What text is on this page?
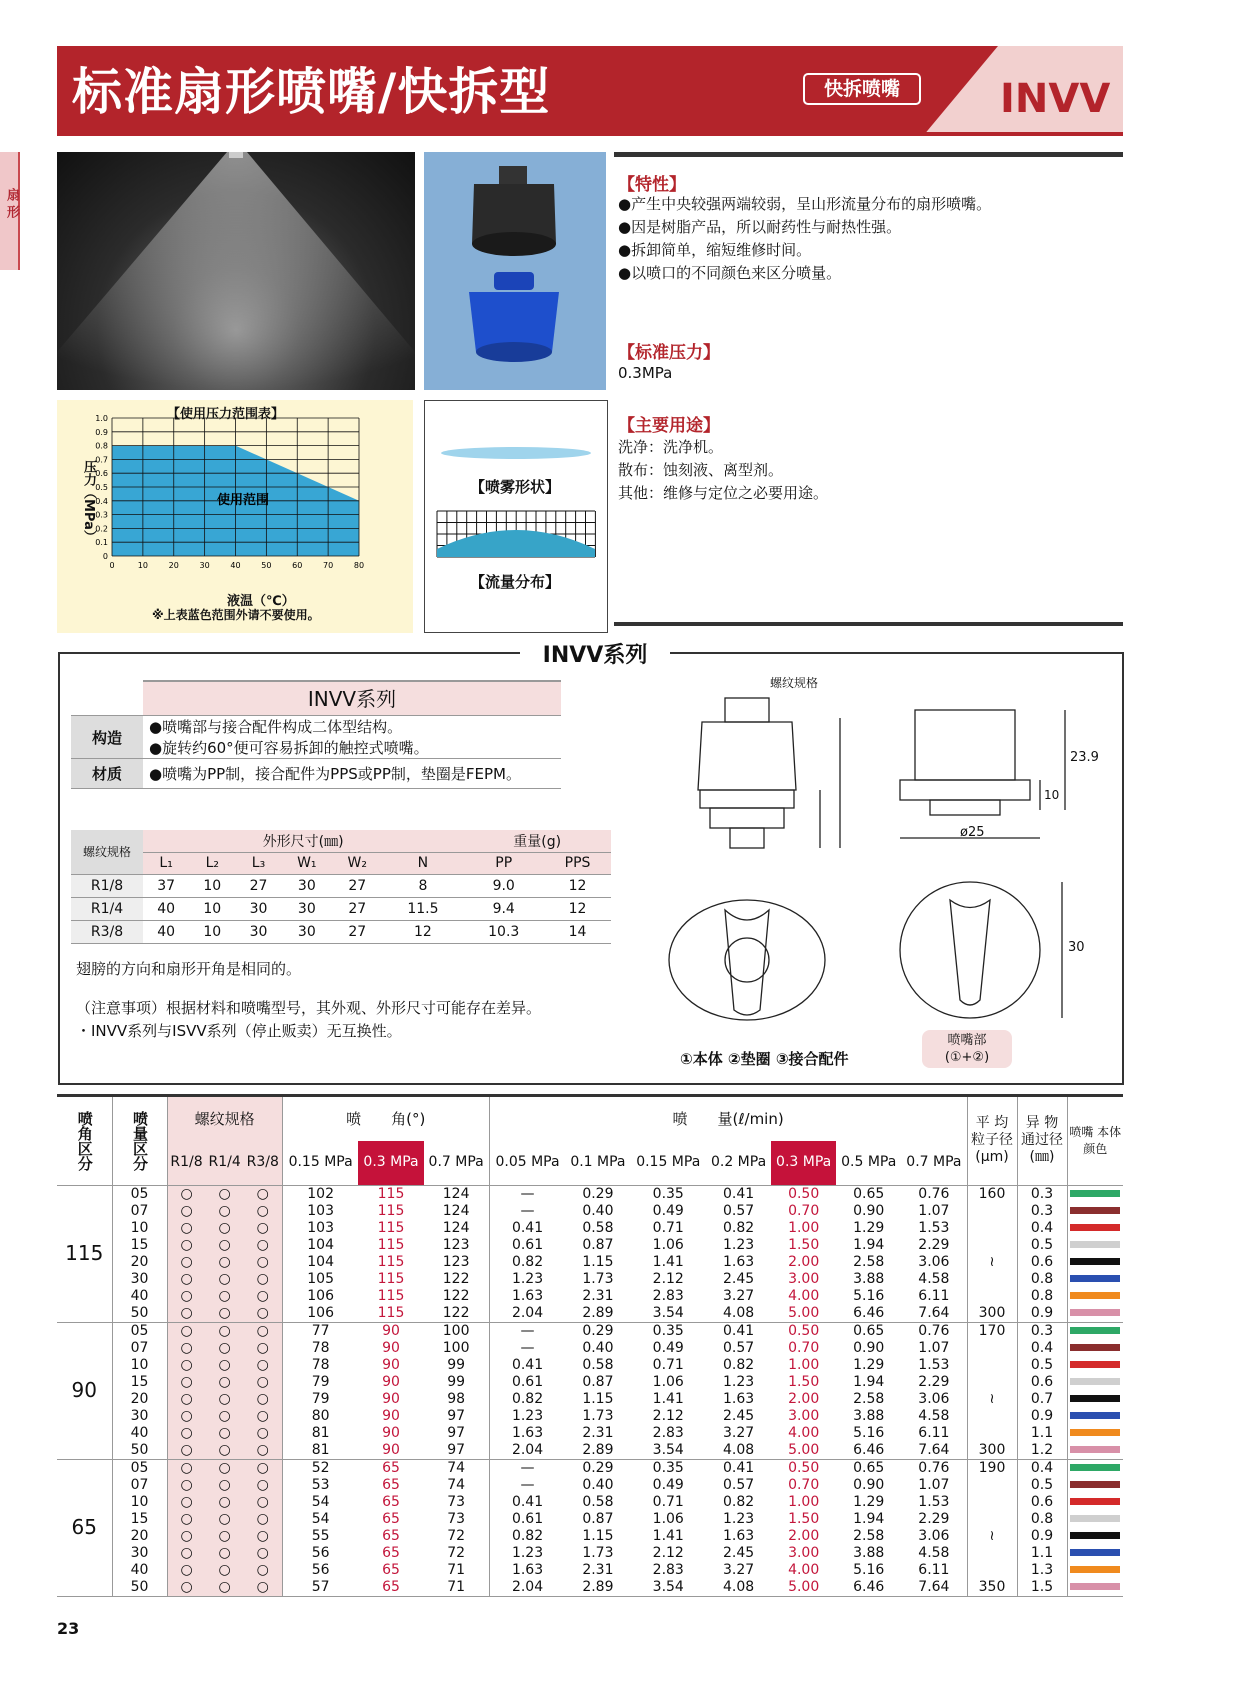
扇形
标准扇形喷嘴/快拆型	快拆喷嘴	INVV
【特性】
●产生中央较强两端较弱，呈山形流量分布的扇形喷嘴。
●因是树脂产品，所以耐药性与耐热性强。
●拆卸简单，缩短维修时间。
●以喷口的不同颜色来区分喷量。
【标准压力】
0.3MPa
【主要用途】
洗净：洗净机。
散布：蚀刻液、离型剂。
其他：维修与定位之必要用途。
【使用压力范围表】
压力（MPa）
0
0.1
0.2
0.3
0.4
0.5
0.6
0.7
0.8
0.9
1.0
0	10	20	30	40	50	60	70	80
使用范围
液温（℃）
※上表蓝色范围外请不要使用。
【喷雾形状】
【流量分布】
INVV系列
INVV系列
构造	●喷嘴部与接合配件构成二体型结构。
●旋转约60°便可容易拆卸的触控式喷嘴。

材质	●喷嘴为PP制，接合配件为PPS或PP制，垫圈是FEPM。
螺纹规格	外形尺寸(㎜)						重量(g)	
	L₁	L₂	L₃	W₁	W₂	N	PP	PPS
R1/8	37	10	27	30	27	8	9.0	12
R1/4	40	10	30	30	27	11.5	9.4	12
R3/8	40	10	30	30	27	12	10.3	14
翅膀的方向和扇形开角是相同的。
（注意事项）根据材料和喷嘴型号，其外观、外形尺寸可能存在差异。
・INVV系列与ISVV系列（停止贩卖）无互换性。
螺纹规格
ø25
30
23.9
10
①本体 ②垫圈 ③接合配件
喷嘴部
(①+②)
喷角区分	喷量区分	螺纹规格			喷　　角(°)			喷　　量(ℓ/min)							平 均 粒子径 (μm)	异 物 通过径 (㎜)	喷嘴 本体颜色
		R1/8	R1/4	R3/8	0.15 MPa	0.3 MPa	0.7 MPa	0.05 MPa	0.1 MPa	0.15 MPa	0.2 MPa	0.3 MPa	0.5 MPa	0.7 MPa			
115	05	○	○	○	102	115	124	—	0.29	0.35	0.41	0.50	0.65	0.76	160	0.3	
	07	○	○	○	103	115	124	—	0.40	0.49	0.57	0.70	0.90	1.07		0.3	
	10	○	○	○	103	115	124	0.41	0.58	0.71	0.82	1.00	1.29	1.53		0.4	
	15	○	○	○	104	115	123	0.61	0.87	1.06	1.23	1.50	1.94	2.29		0.5	
	20	○	○	○	104	115	123	0.82	1.15	1.41	1.63	2.00	2.58	3.06	≀	0.6	
	30	○	○	○	105	115	122	1.23	1.73	2.12	2.45	3.00	3.88	4.58		0.8	
	40	○	○	○	106	115	122	1.63	2.31	2.83	3.27	4.00	5.16	6.11		0.8	
	50	○	○	○	106	115	122	2.04	2.89	3.54	4.08	5.00	6.46	7.64	300	0.9	
90	05	○	○	○	77	90	100	—	0.29	0.35	0.41	0.50	0.65	0.76	170	0.3	
	07	○	○	○	78	90	100	—	0.40	0.49	0.57	0.70	0.90	1.07		0.4	
	10	○	○	○	78	90	99	0.41	0.58	0.71	0.82	1.00	1.29	1.53		0.5	
	15	○	○	○	79	90	99	0.61	0.87	1.06	1.23	1.50	1.94	2.29		0.6	
	20	○	○	○	79	90	98	0.82	1.15	1.41	1.63	2.00	2.58	3.06	≀	0.7	
	30	○	○	○	80	90	97	1.23	1.73	2.12	2.45	3.00	3.88	4.58		0.9	
	40	○	○	○	81	90	97	1.63	2.31	2.83	3.27	4.00	5.16	6.11		1.1	
	50	○	○	○	81	90	97	2.04	2.89	3.54	4.08	5.00	6.46	7.64	300	1.2	
65	05	○	○	○	52	65	74	—	0.29	0.35	0.41	0.50	0.65	0.76	190	0.4	
	07	○	○	○	53	65	74	—	0.40	0.49	0.57	0.70	0.90	1.07		0.5	
	10	○	○	○	54	65	73	0.41	0.58	0.71	0.82	1.00	1.29	1.53		0.6	
	15	○	○	○	54	65	73	0.61	0.87	1.06	1.23	1.50	1.94	2.29		0.8	
	20	○	○	○	55	65	72	0.82	1.15	1.41	1.63	2.00	2.58	3.06	≀	0.9	
	30	○	○	○	56	65	72	1.23	1.73	2.12	2.45	3.00	3.88	4.58		1.1	
	40	○	○	○	56	65	71	1.63	2.31	2.83	3.27	4.00	5.16	6.11		1.3	
	50	○	○	○	57	65	71	2.04	2.89	3.54	4.08	5.00	6.46	7.64	350	1.5	
23
